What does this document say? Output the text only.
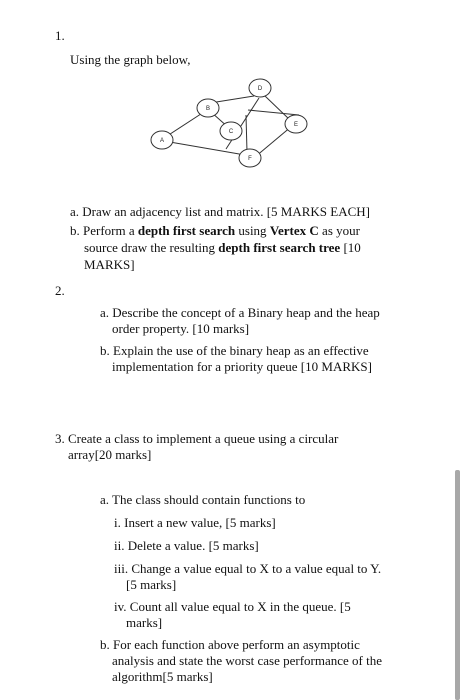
1.
Using the graph below,
A
B
C
D
E
F
a. Draw an adjacency list and matrix. [5 MARKS EACH]
b. Perform a depth first search using Vertex C as your
source draw the resulting depth first search tree [10
MARKS]
2.
a. Describe the concept of a Binary heap and the heap
order property. [10 marks]
b. Explain the use of the binary heap as an effective
implementation for a priority queue [10 MARKS]
3. Create a class to implement a queue using a circular
array[20 marks]
a. The class should contain functions to
i. Insert a new value, [5 marks]
ii. Delete a value. [5 marks]
iii. Change a value equal to X to a value equal to Y.
[5 marks]
iv. Count all value equal to X in the queue. [5
marks]
b. For each function above perform an asymptotic
analysis and state the worst case performance of the
algorithm[5 marks]
